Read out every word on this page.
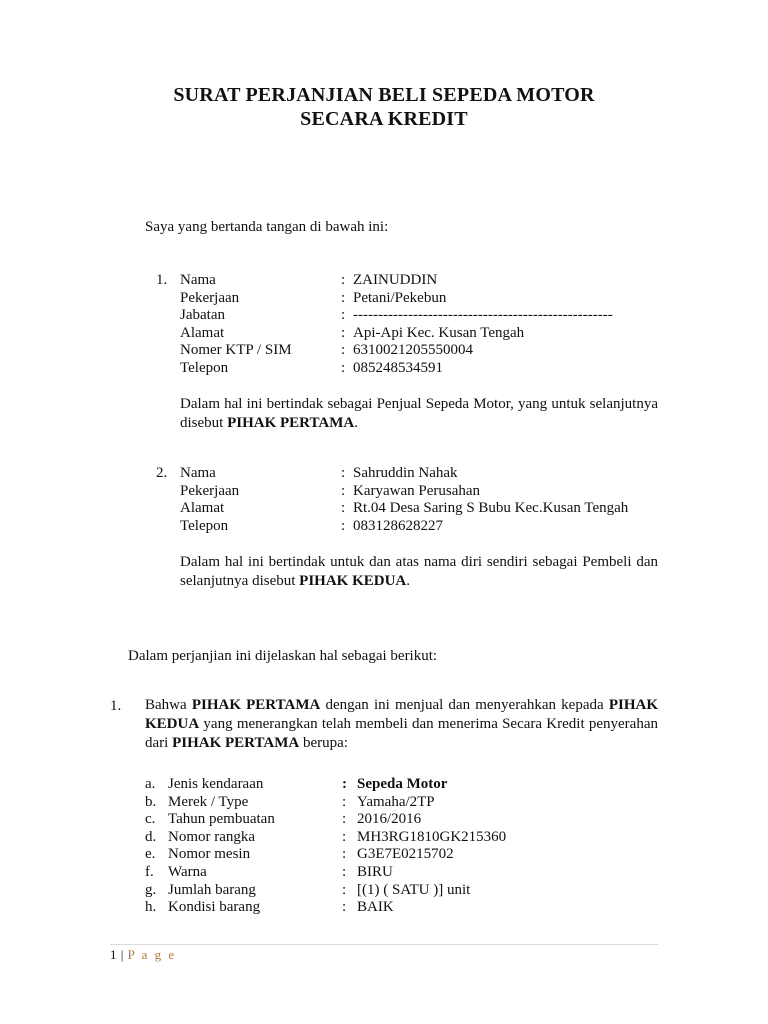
SURAT PERJANJIAN BELI SEPEDA MOTOR
SECARA KREDIT
Saya yang bertanda tangan di bawah ini:
1. Nama	: ZAINUDDIN
Pekerjaan	: Petani/Pekebun
Jabatan	: ----------------------------------------------------
Alamat	: Api-Api Kec. Kusan Tengah
Nomer KTP / SIM	: 6310021205550004
Telepon	: 085248534591
Dalam hal ini bertindak sebagai Penjual Sepeda Motor, yang untuk selanjutnya disebut PIHAK PERTAMA.
2. Nama	: Sahruddin Nahak
Pekerjaan	: Karyawan Perusahan
Alamat	: Rt.04 Desa Saring S Bubu Kec.Kusan Tengah
Telepon	: 083128628227
Dalam hal ini bertindak untuk dan atas nama diri sendiri sebagai Pembeli dan selanjutnya disebut PIHAK KEDUA.
Dalam perjanjian ini dijelaskan hal sebagai berikut:
1. Bahwa PIHAK PERTAMA dengan ini menjual dan menyerahkan kepada PIHAK KEDUA yang menerangkan telah membeli dan menerima Secara Kredit penyerahan dari PIHAK PERTAMA berupa:
a. Jenis kendaraan	: Sepeda Motor
b. Merek / Type	: Yamaha/2TP
c. Tahun pembuatan	: 2016/2016
d. Nomor rangka	: MH3RG1810GK215360
e. Nomor mesin	: G3E7E0215702
f. Warna	: BIRU
g. Jumlah barang	: [(1) ( SATU )] unit
h. Kondisi barang	: BAIK
1 | P a g e
